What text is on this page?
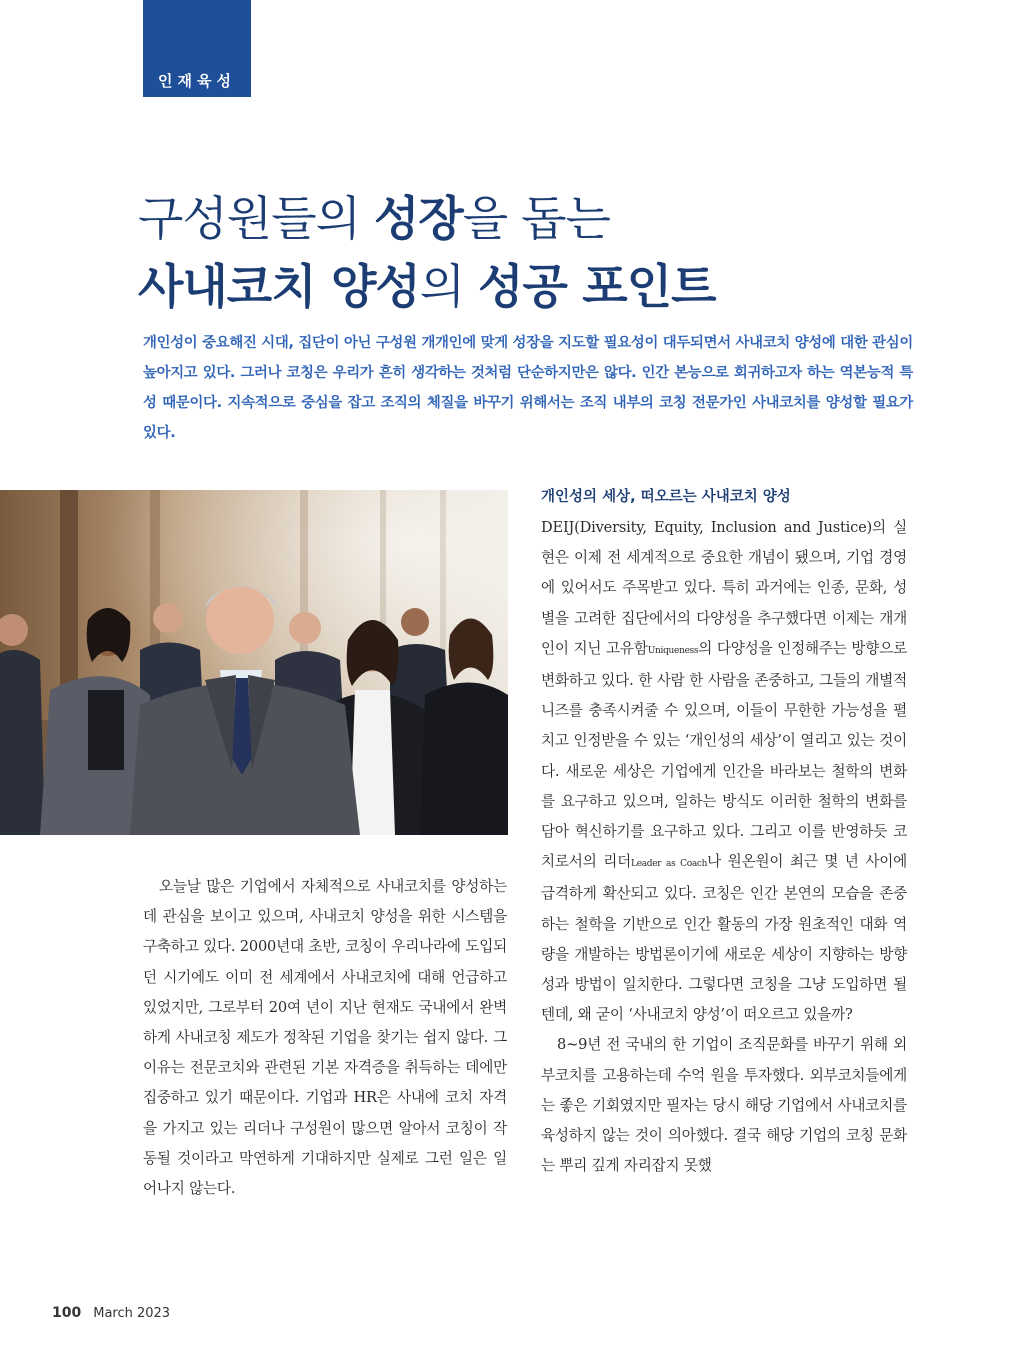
인재육성
구성원들의 성장을 돕는
사내코치 양성의 성공 포인트

개인성이 중요해진 시대, 집단이 아닌 구성원 개개인에 맞게 성장을 지도할 필요성이 대두되면서 사내코치 양성에 대한 관심이 높아지고 있다. 그러나 코칭은 우리가 흔히 생각하는 것처럼 단순하지만은 않다. 인간 본능으로 회귀하고자 하는 역본능적 특성 때문이다. 지속적으로 중심을 잡고 조직의 체질을 바꾸기 위해서는 조직 내부의 코칭 전문가인 사내코치를 양성할 필요가 있다.

오늘날 많은 기업에서 자체적으로 사내코치를 양성하는데 관심을 보이고 있으며, 사내코치 양성을 위한 시스템을 구축하고 있다. 2000년대 초반, 코칭이 우리나라에 도입되던 시기에도 이미 전 세계에서 사내코치에 대해 언급하고 있었지만, 그로부터 20여 년이 지난 현재도 국내에서 완벽하게 사내코칭 제도가 정착된 기업을 찾기는 쉽지 않다. 그 이유는 전문코치와 관련된 기본 자격증을 취득하는 데에만 집중하고 있기 때문이다. 기업과 HR은 사내에 코치 자격을 가지고 있는 리더나 구성원이 많으면 알아서 코칭이 작동될 것이라고 막연하게 기대하지만 실제로 그런 일은 일어나지 않는다.

개인성의 세상, 떠오르는 사내코치 양성

DEIJ(Diversity, Equity, Inclusion and Justice)의 실현은 이제 전 세계적으로 중요한 개념이 됐으며, 기업 경영에 있어서도 주목받고 있다. 특히 과거에는 인종, 문화, 성별을 고려한 집단에서의 다양성을 추구했다면 이제는 개개인이 지닌 고유함Uniqueness의 다양성을 인정해주는 방향으로 변화하고 있다. 한 사람 한 사람을 존중하고, 그들의 개별적 니즈를 충족시켜줄 수 있으며, 이들이 무한한 가능성을 펼치고 인정받을 수 있는 ‘개인성의 세상’이 열리고 있는 것이다. 새로운 세상은 기업에게 인간을 바라보는 철학의 변화를 요구하고 있으며, 일하는 방식도 이러한 철학의 변화를 담아 혁신하기를 요구하고 있다. 그리고 이를 반영하듯 코치로서의 리더Leader as Coach나 원온원이 최근 몇 년 사이에 급격하게 확산되고 있다. 코칭은 인간 본연의 모습을 존중하는 철학을 기반으로 인간 활동의 가장 원초적인 대화 역량을 개발하는 방법론이기에 새로운 세상이 지향하는 방향성과 방법이 일치한다. 그렇다면 코칭을 그냥 도입하면 될 텐데, 왜 굳이 ‘사내코치 양성’이 떠오르고 있을까?

8~9년 전 국내의 한 기업이 조직문화를 바꾸기 위해 외부코치를 고용하는데 수억 원을 투자했다. 외부코치들에게는 좋은 기회였지만 필자는 당시 해당 기업에서 사내코치를 육성하지 않는 것이 의아했다. 결국 해당 기업의 코칭 문화는 뿌리 깊게 자리잡지 못했

100 March 2023
